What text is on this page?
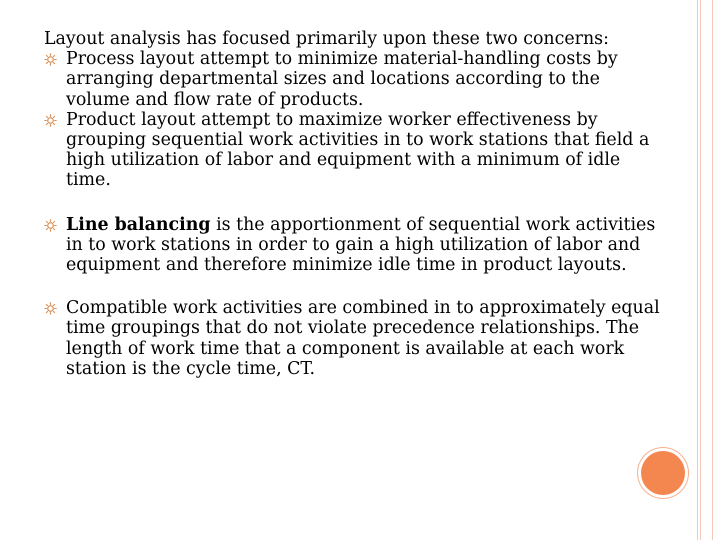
Layout analysis has focused primarily upon these two concerns:

Process layout attempt to minimize material-handling costs by arranging departmental sizes and locations according to the volume and flow rate of products.
Product layout attempt to maximize worker effectiveness by grouping sequential work activities in to work stations that field a high utilization of labor and equipment with a minimum of idle time.
Line balancing is the apportionment of sequential work activities in to work stations in order to gain a high utilization of labor and equipment and therefore minimize idle time in product layouts.
Compatible work activities are combined in to approximately equal time groupings that do not violate precedence relationships. The length of work time that a component is available at each work station is the cycle time, CT.
